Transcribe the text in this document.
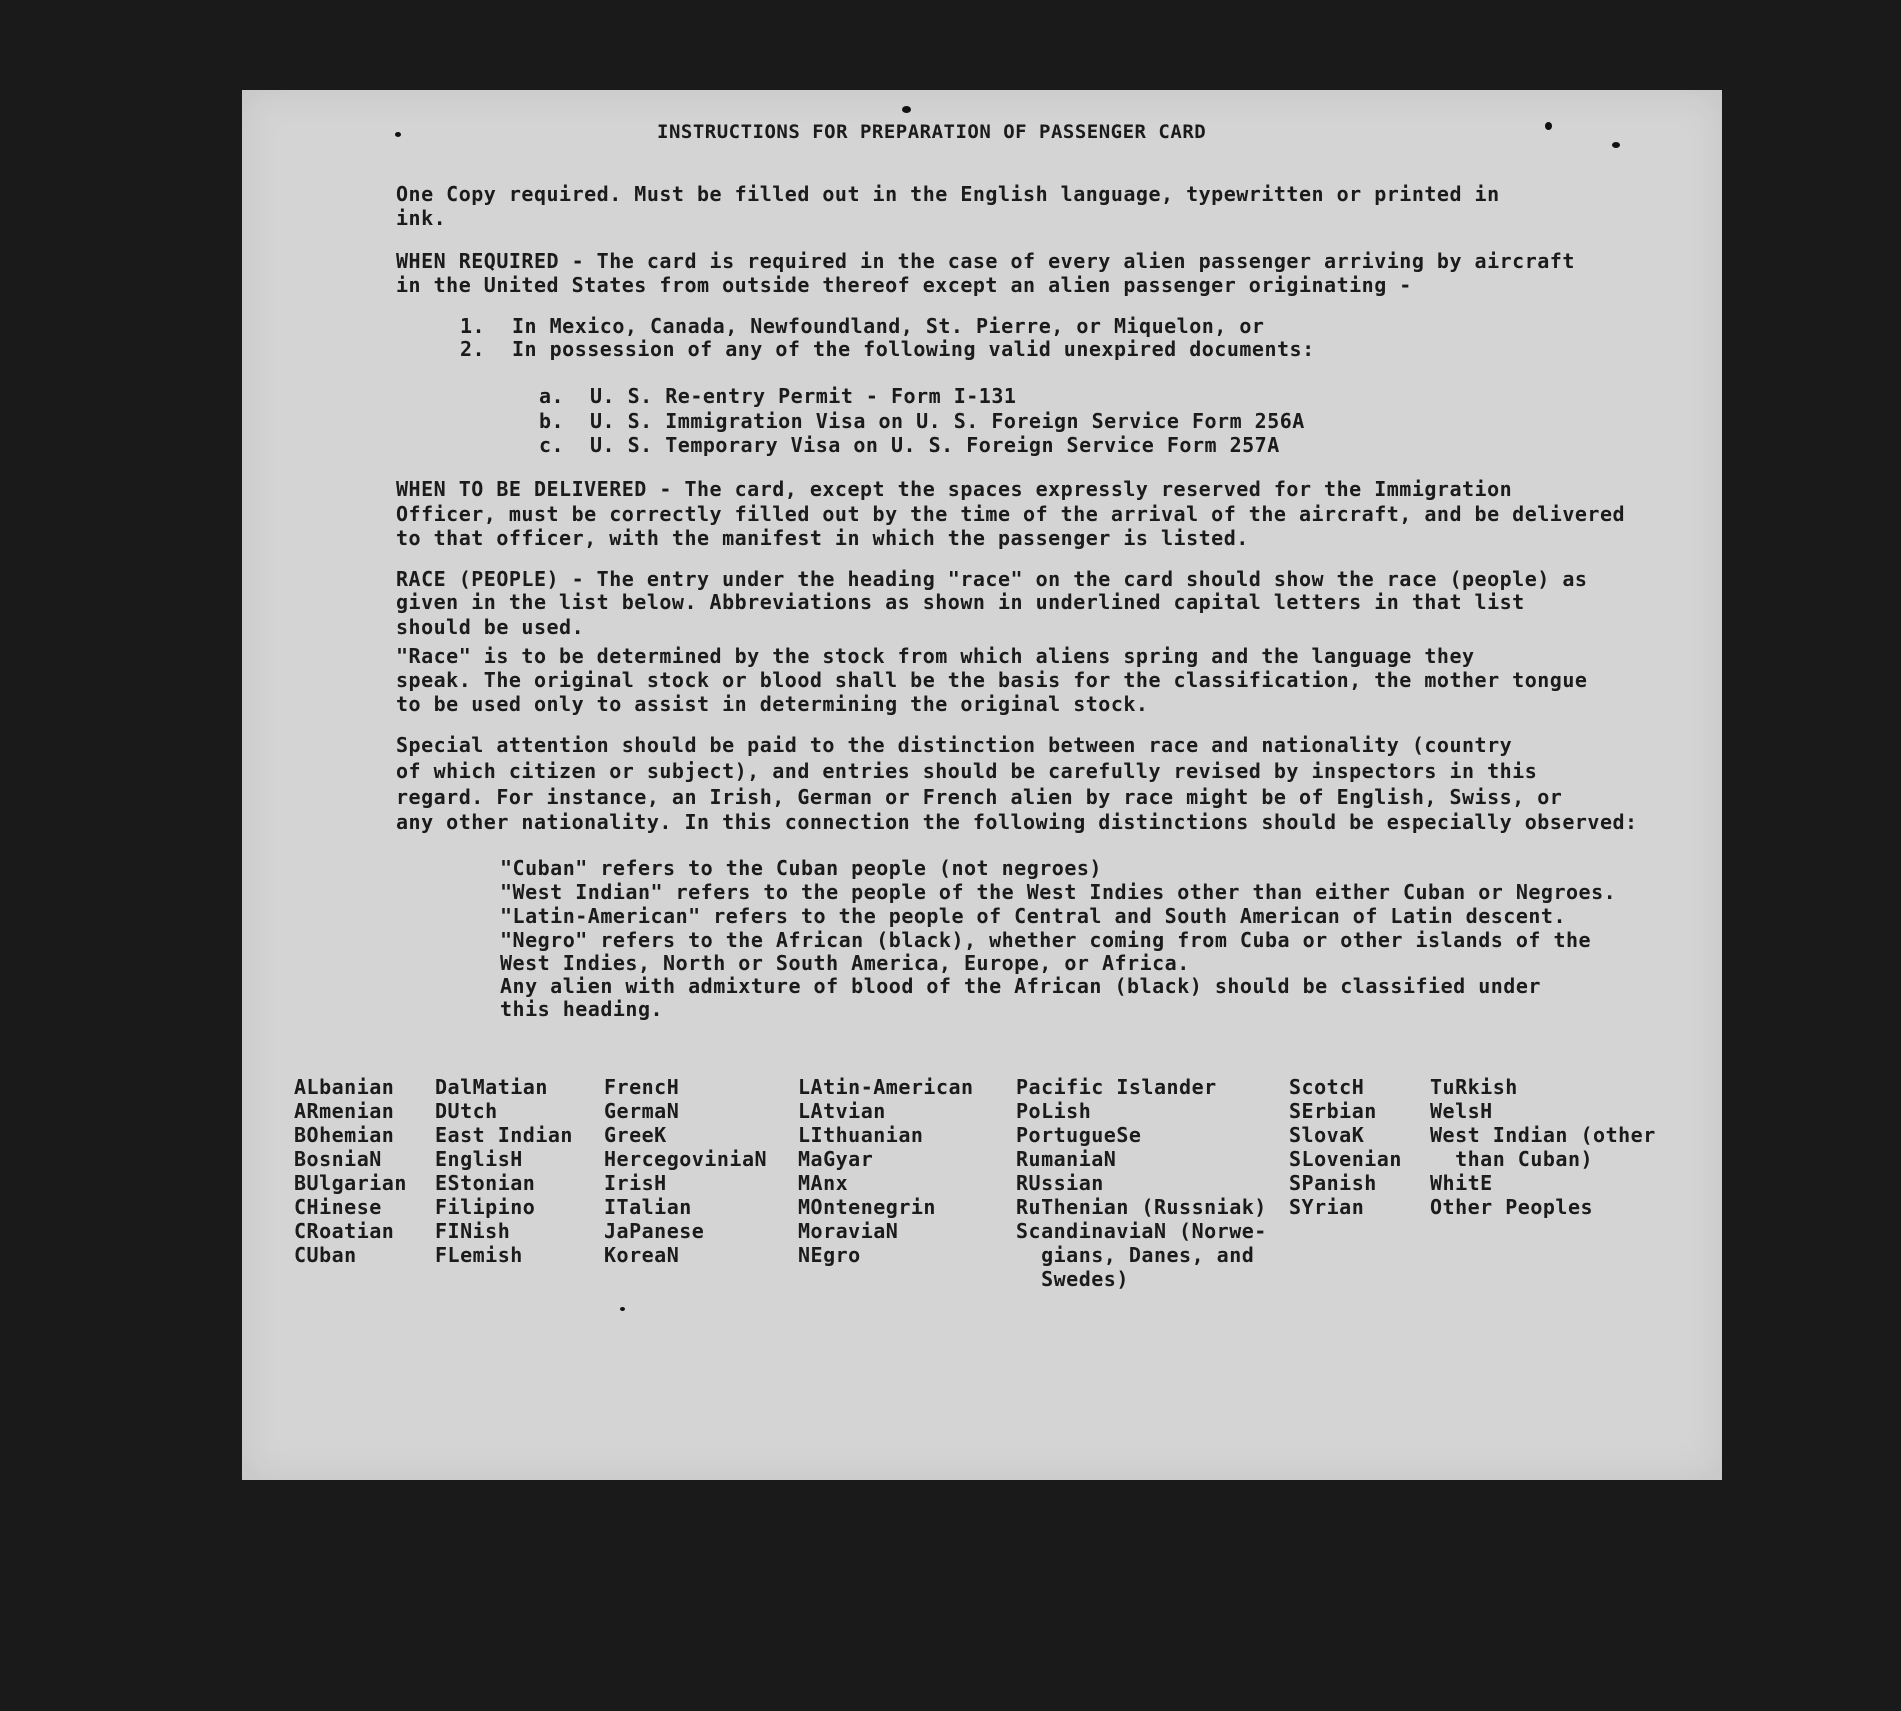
INSTRUCTIONS FOR PREPARATION OF PASSENGER CARD
One Copy required. Must be filled out in the English language, typewritten or printed in
ink.
WHEN REQUIRED - The card is required in the case of every alien passenger arriving by aircraft
in the United States from outside thereof except an alien passenger originating -
1. In Mexico, Canada, Newfoundland, St. Pierre, or Miquelon, or
2. In possession of any of the following valid unexpired documents:
a. U. S. Re-entry Permit - Form I-131
b. U. S. Immigration Visa on U. S. Foreign Service Form 256A
c. U. S. Temporary Visa on U. S. Foreign Service Form 257A
WHEN TO BE DELIVERED - The card, except the spaces expressly reserved for the Immigration
Officer, must be correctly filled out by the time of the arrival of the aircraft, and be delivered
to that officer, with the manifest in which the passenger is listed.
RACE (PEOPLE) - The entry under the heading "race" on the card should show the race (people) as
given in the list below. Abbreviations as shown in underlined capital letters in that list
should be used.
"Race" is to be determined by the stock from which aliens spring and the language they
speak. The original stock or blood shall be the basis for the classification, the mother tongue
to be used only to assist in determining the original stock.
Special attention should be paid to the distinction between race and nationality (country
of which citizen or subject), and entries should be carefully revised by inspectors in this
regard. For instance, an Irish, German or French alien by race might be of English, Swiss, or
any other nationality. In this connection the following distinctions should be especially observed:
"Cuban" refers to the Cuban people (not negroes)
"West Indian" refers to the people of the West Indies other than either Cuban or Negroes.
"Latin-American" refers to the people of Central and South American of Latin descent.
"Negro" refers to the African (black), whether coming from Cuba or other islands of the
West Indies, North or South America, Europe, or Africa.
Any alien with admixture of blood of the African (black) should be classified under
this heading.
ALbanian
ARmenian
BOhemian
BosniaN
BUlgarian
CHinese
CRoatian
CUban
DalMatian
DUtch
East Indian
EnglisH
EStonian
Filipino
FINish
FLemish
FrencH
GermaN
GreeK
HercegoviniaN
IrisH
ITalian
JaPanese
KoreaN
LAtin-American
LAtvian
LIthuanian
MaGyar
MAnx
MOntenegrin
MoraviaN
NEgro
Pacific Islander
PoLish
PortugueSe
RumaniaN
RUssian
RuThenian (Russniak)
ScandinaviaN (Norwe-
gians, Danes, and
Swedes)
ScotcH
SErbian
SlovaK
SLovenian
SPanish
SYrian
TuRkish
WelsH
West Indian (other
than Cuban)
WhitE
Other Peoples
